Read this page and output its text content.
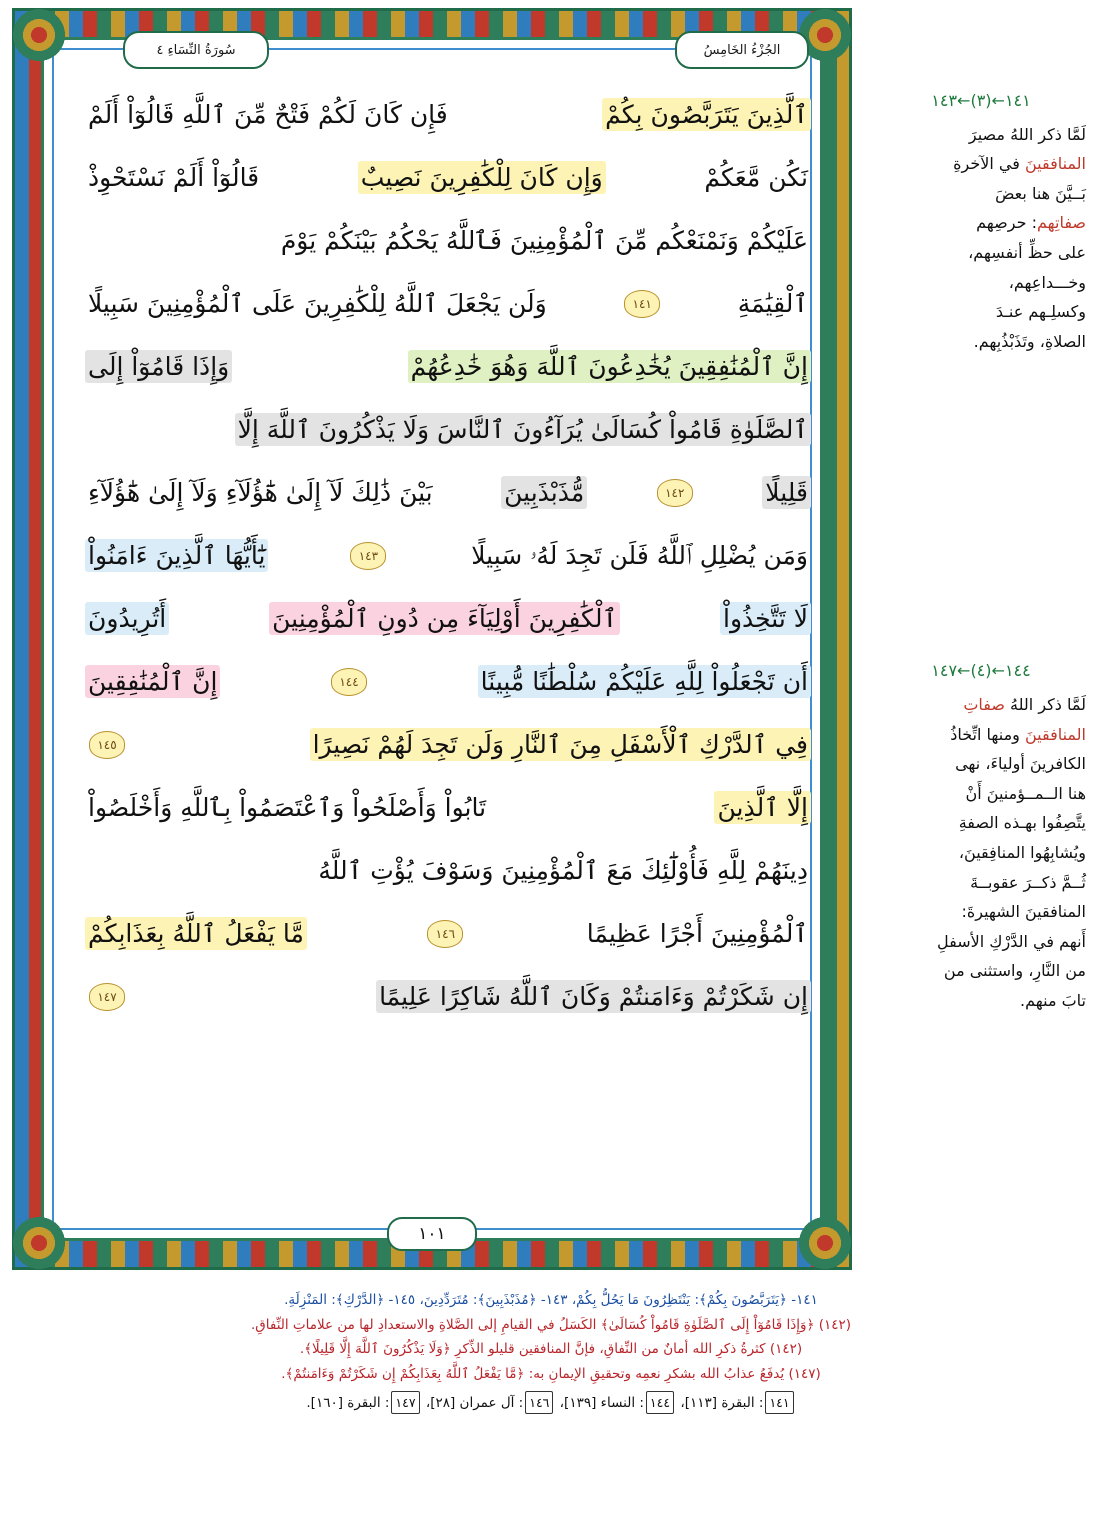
سُورَةُ النِّسَاءِ ٤	الجُزْءُ الخَامِسُ
ٱلَّذِينَ يَتَرَبَّصُونَ بِكُمْ
فَإِن كَانَ لَكُمْ فَتْحٌ مِّنَ ٱللَّهِ قَالُوٓاْ أَلَمْ
نَكُن مَّعَكُمْ
وَإِن كَانَ لِلْكَٰفِرِينَ نَصِيبٌ
قَالُوٓاْ أَلَمْ نَسْتَحْوِذْ
عَلَيْكُمْ وَنَمْنَعْكُم مِّنَ ٱلْمُؤْمِنِينَ فَٱللَّهُ يَحْكُمُ بَيْنَكُمْ يَوْمَ
ٱلْقِيَٰمَةِ
١٤١
وَلَن يَجْعَلَ ٱللَّهُ لِلْكَٰفِرِينَ عَلَى ٱلْمُؤْمِنِينَ سَبِيلًا
إِنَّ ٱلْمُنَٰفِقِينَ يُخَٰدِعُونَ ٱللَّهَ وَهُوَ خَٰدِعُهُمْ
وَإِذَا قَامُوٓاْ إِلَى
ٱلصَّلَوٰةِ قَامُواْ كُسَالَىٰ يُرَآءُونَ ٱلنَّاسَ وَلَا يَذْكُرُونَ ٱللَّهَ إِلَّا
قَلِيلًا
١٤٢
مُّذَبْذَبِينَ
بَيْنَ ذَٰلِكَ لَآ إِلَىٰ هَٰٓؤُلَآءِ وَلَآ إِلَىٰ هَٰٓؤُلَآءِ
وَمَن يُضْلِلِ ٱللَّهُ فَلَن تَجِدَ لَهُۥ سَبِيلًا
١٤٣
يَٰٓأَيُّهَا ٱلَّذِينَ ءَامَنُواْ
لَا تَتَّخِذُواْ
ٱلْكَٰفِرِينَ أَوْلِيَآءَ مِن دُونِ ٱلْمُؤْمِنِينَ
أَتُرِيدُونَ
أَن تَجْعَلُواْ لِلَّهِ عَلَيْكُمْ سُلْطَٰنًا مُّبِينًا
١٤٤
إِنَّ ٱلْمُنَٰفِقِينَ
فِي ٱلدَّرْكِ ٱلْأَسْفَلِ مِنَ ٱلنَّارِ وَلَن تَجِدَ لَهُمْ نَصِيرًا
١٤٥
إِلَّا ٱلَّذِينَ
تَابُواْ وَأَصْلَحُواْ وَٱعْتَصَمُواْ بِٱللَّهِ وَأَخْلَصُواْ
دِينَهُمْ لِلَّهِ فَأُوْلَٰٓئِكَ مَعَ ٱلْمُؤْمِنِينَ وَسَوْفَ يُؤْتِ ٱللَّهُ
ٱلْمُؤْمِنِينَ أَجْرًا عَظِيمًا
١٤٦
مَّا يَفْعَلُ ٱللَّهُ بِعَذَابِكُمْ
إِن شَكَرْتُمْ وَءَامَنتُمْ وَكَانَ ٱللَّهُ شَاكِرًا عَلِيمًا
١٤٧
١٠١
١٤١←(٣)←١٤٣
لَمَّا ذكر اللهُ مصيرَ
المنافقينَ في الآخرةِ
بَــيَّنَ هنا بعضَ
صفاتِهم: حرصِهم
على حظِّ أنفسِهم،
وخـــداعِهم،
وكسلِـهم عنـدَ
الصلاةِ، وتَذَبْذُبِهم.
١٤٤←(٤)←١٤٧
لَمَّا ذكر اللهُ صفاتِ
المنافقينَ ومنها اتِّخاذُ
الكافرينَ أولياءَ، نهى
هنا الــمــؤمنينَ أَنْ
يتَّصِفُوا بهـذه الصفةِ
ويُشابِهُوا المنافِقينَ،
ثُــمَّ ذكــرَ عقوبــةَ
المنافقينَ الشهيرةَ:
أَنهم في الدَّرْكِ الأسفلِ
من النَّارِ، واستثنى من
تابَ منهم.
١٤١- ﴿يَتَرَبَّصُونَ بِكُمْ﴾: يَنْتَظِرُونَ مَا يَحُلُّ بِكُمْ، ١٤٣- ﴿مُذَبْذَبِينَ﴾: مُتَرَدِّدِينَ، ١٤٥- ﴿الدَّرْكِ﴾: المَنْزِلَةِ.
(١٤٢) ﴿وَإِذَا قَامُوٓاْ إِلَى ٱلصَّلَوٰةِ قَامُواْ كُسَالَىٰ﴾ الكَسَلُ في القيامِ إلى الصَّلاةِ والاستعدادِ لها من علاماتِ النِّفاقِ.
(١٤٢) كثرةُ ذكرِ الله أمانٌ من النِّفاقِ، فإنَّ المنافقين قليلو الذِّكرِ ﴿وَلَا يَذْكُرُونَ ٱللَّهَ إِلَّا قَلِيلًا﴾.
(١٤٧) يُدفَعُ عذابُ الله بشكرِ نعمِه وتحقيقِ الإيمانِ به: ﴿مَّا يَفْعَلُ ٱللَّهُ بِعَذَابِكُمْ إِن شَكَرْتُمْ وَءَامَنتُمْ﴾.
١٤١: البقرة [١١٣]، ١٤٤: النساء [١٣٩]، ١٤٦: آل عمران [٢٨]، ١٤٧: البقرة [١٦٠].
